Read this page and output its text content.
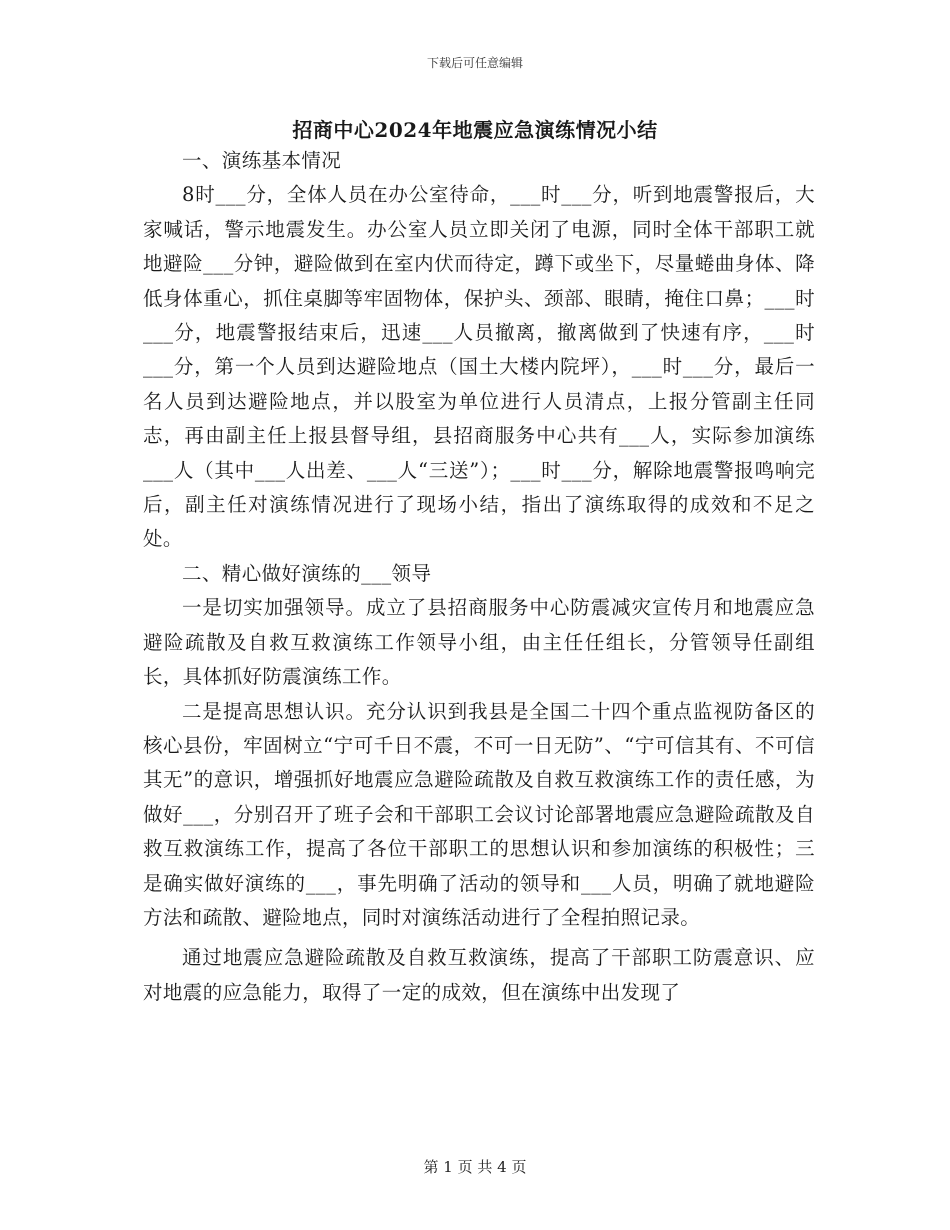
下载后可任意编辑
招商中心2024年地震应急演练情况小结

一、演练基本情况

8时___分，全体人员在办公室待命，___时___分，听到地震警报后，大家喊话，警示地震发生。办公室人员立即关闭了电源，同时全体干部职工就地避险___分钟，避险做到在室内伏而待定，蹲下或坐下，尽量蜷曲身体、降低身体重心，抓住桌脚等牢固物体，保护头、颈部、眼睛，掩住口鼻；___时___分，地震警报结束后，迅速___人员撤离，撤离做到了快速有序，___时___分，第一个人员到达避险地点（国土大楼内院坪），___时___分，最后一名人员到达避险地点，并以股室为单位进行人员清点，上报分管副主任同志，再由副主任上报县督导组，县招商服务中心共有___人，实际参加演练___人（其中___人出差、___人“三送”）；___时___分，解除地震警报鸣响完后，副主任对演练情况进行了现场小结，指出了演练取得的成效和不足之处。

二、精心做好演练的___领导

一是切实加强领导。成立了县招商服务中心防震减灾宣传月和地震应急避险疏散及自救互救演练工作领导小组，由主任任组长，分管领导任副组长，具体抓好防震演练工作。

二是提高思想认识。充分认识到我县是全国二十四个重点监视防备区的核心县份，牢固树立“宁可千日不震，不可一日无防”、“宁可信其有、不可信其无”的意识，增强抓好地震应急避险疏散及自救互救演练工作的责任感，为做好___，分别召开了班子会和干部职工会议讨论部署地震应急避险疏散及自救互救演练工作，提高了各位干部职工的思想认识和参加演练的积极性；三是确实做好演练的___，事先明确了活动的领导和___人员，明确了就地避险方法和疏散、避险地点，同时对演练活动进行了全程拍照记录。

通过地震应急避险疏散及自救互救演练，提高了干部职工防震意识、应对地震的应急能力，取得了一定的成效，但在演练中出发现了

第 1 页 共 4 页
